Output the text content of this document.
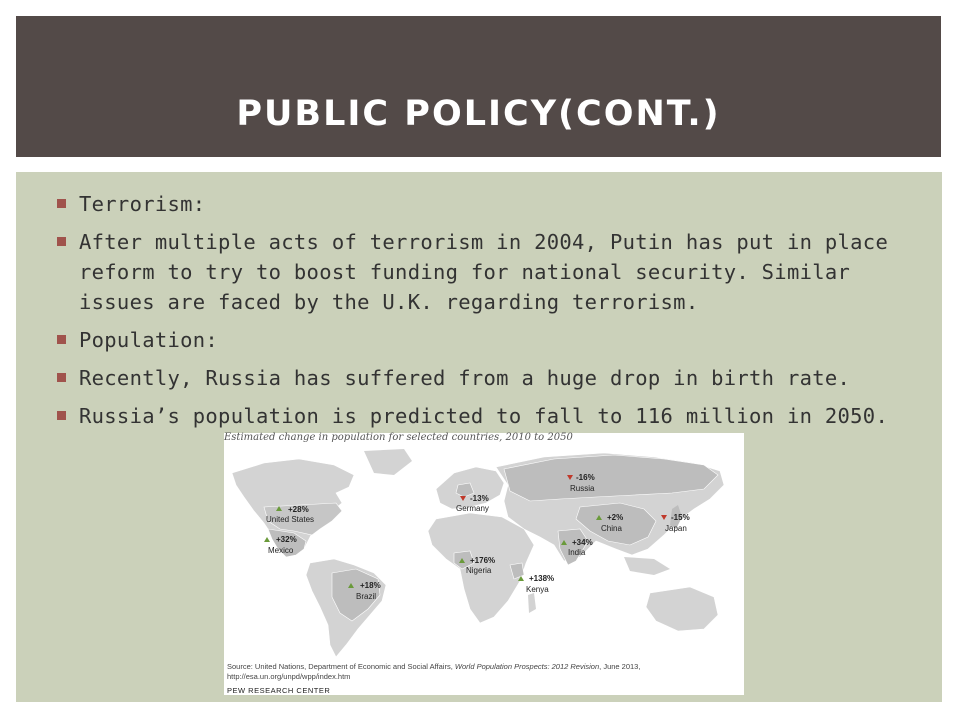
PUBLIC POLICY(CONT.)
Terrorism:
After multiple acts of terrorism in 2004, Putin has put in place reform to try to boost funding for national security. Similar issues are faced by the U.K. regarding terrorism.
Population:
Recently, Russia has suffered from a huge drop in birth rate.
Russia’s population is predicted to fall to 116 million in 2050.
Estimated change in population for selected countries, 2010 to 2050
+28%
United States
+32%
Mexico
+18%
Brazil
-13%
Germany
+176%
Nigeria
+138%
Kenya
-16%
Russia
+34%
India
+2%
China
-15%
Japan
Source: United Nations, Department of Economic and Social Affairs, World Population Prospects: 2012 Revision, June 2013,
http://esa.un.org/unpd/wpp/index.htm
PEW RESEARCH CENTER
